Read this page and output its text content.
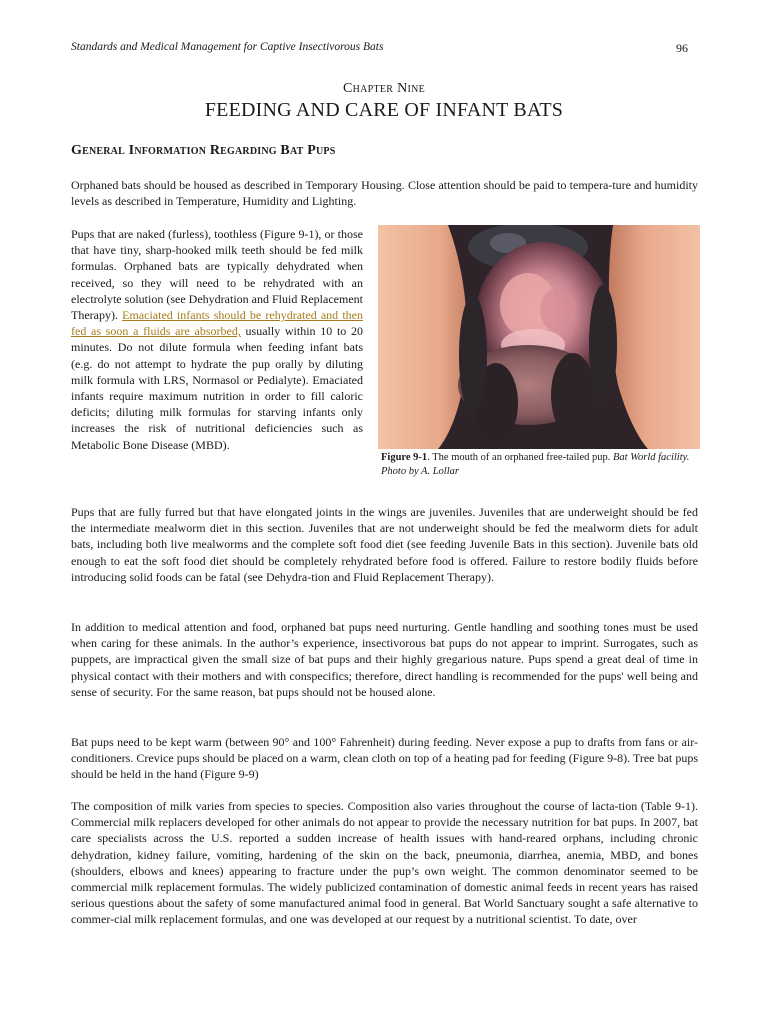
Standards and Medical Management for Captive Insectivorous Bats	96
Chapter Nine
FEEDING AND CARE OF INFANT BATS
General Information Regarding Bat Pups

Orphaned bats should be housed as described in Temporary Housing. Close attention should be paid to tempera-ture and humidity levels as described in Temperature, Humidity and Lighting.

Pups that are naked (furless), toothless (Figure 9-1), or those that have tiny, sharp-hooked milk teeth should be fed milk formulas. Orphaned bats are typically dehydrated when received, so they will need to be rehydrated with an electrolyte solution (see Dehydration and Fluid Replacement Therapy). Emaciated infants should be rehydrated and then fed as soon a fluids are absorbed, usually within 10 to 20 minutes. Do not dilute formula when feeding infant bats (e.g. do not attempt to hydrate the pup orally by diluting milk formula with LRS, Normasol or Pedialyte). Emaciated infants require maximum nutrition in order to fill caloric deficits; diluting milk formulas for starving infants only increases the risk of nutritional deficiencies such as Metabolic Bone Disease (MBD).

Figure 9-1. The mouth of an orphaned free-tailed pup. Bat World facility. Photo by A. Lollar

Pups that are fully furred but that have elongated joints in the wings are juveniles. Juveniles that are underweight should be fed the intermediate mealworm diet in this section. Juveniles that are not underweight should be fed the mealworm diets for adult bats, including both live mealworms and the complete soft food diet (see feeding Juvenile Bats in this section). Juvenile bats old enough to eat the soft food diet should be completely rehydrated before food is offered. Failure to restore bodily fluids before introducing solid foods can be fatal (see Dehydra-tion and Fluid Replacement Therapy).

In addition to medical attention and food, orphaned bat pups need nurturing. Gentle handling and soothing tones must be used when caring for these animals. In the author’s experience, insectivorous bat pups do not appear to imprint. Surrogates, such as puppets, are impractical given the small size of bat pups and their highly gregarious nature. Pups spend a great deal of time in physical contact with their mothers and with conspecifics; therefore, direct handling is recommended for the pups' well being and sense of security. For the same reason, bat pups should not be housed alone.

Bat pups need to be kept warm (between 90° and 100° Fahrenheit) during feeding. Never expose a pup to drafts from fans or air-conditioners. Crevice pups should be placed on a warm, clean cloth on top of a heating pad for feeding (Figure 9-8). Tree bat pups should be held in the hand (Figure 9-9)

The composition of milk varies from species to species. Composition also varies throughout the course of lacta-tion (Table 9-1). Commercial milk replacers developed for other animals do not appear to provide the necessary nutrition for bat pups. In 2007, bat care specialists across the U.S. reported a sudden increase of health issues with hand-reared orphans, including chronic dehydration, kidney failure, vomiting, hardening of the skin on the back, pneumonia, diarrhea, anemia, MBD, and bones (shoulders, elbows and knees) appearing to fracture under the pup’s own weight. The common denominator seemed to be commercial milk replacement formulas. The widely publicized contamination of domestic animal feeds in recent years has raised serious questions about the safety of some manufactured animal food in general. Bat World Sanctuary sought a safe alternative to commer-cial milk replacement formulas, and one was developed at our request by a nutritional scientist. To date, over
